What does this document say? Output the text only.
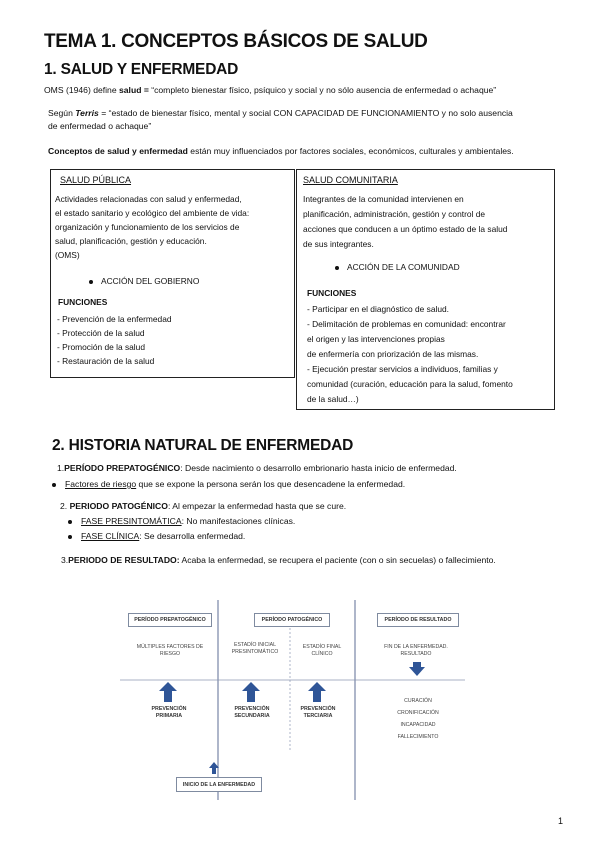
TEMA 1. CONCEPTOS BÁSICOS DE SALUD
1. SALUD Y ENFERMEDAD
OMS (1946) define salud = “completo bienestar físico, psíquico y social y no sólo ausencia de enfermedad o achaque”
Según Terris = “estado de bienestar físico, mental y social CON CAPACIDAD DE FUNCIONAMIENTO y no solo ausencia
de enfermedad o achaque”
Conceptos de salud y enfermedad están muy influenciados por factores sociales, económicos, culturales y ambientales.
SALUD PÚBLICA
Actividades relacionadas con salud y enfermedad,
el estado sanitario y ecológico del ambiente de vida:
organización y funcionamiento de los servicios de
salud, planificación, gestión y educación.
(OMS)
ACCIÓN DEL GOBIERNO
FUNCIONES
- Prevención de la enfermedad
- Protección de la salud
- Promoción de la salud
- Restauración de la salud
SALUD COMUNITARIA
Integrantes de la comunidad intervienen en
planificación, administración, gestión y control de
acciones que conducen a un óptimo estado de la salud
de sus integrantes.
ACCIÓN DE LA COMUNIDAD
FUNCIONES
- Participar en el diagnóstico de salud.
- Delimitación de problemas en comunidad: encontrar
el origen y las intervenciones propias
de enfermería con priorización de las mismas.
- Ejecución prestar servicios a individuos, familias y
comunidad (curación, educación para la salud, fomento
de la salud…)
2. HISTORIA NATURAL DE ENFERMEDAD
1.PERÍODO PREPATOGÉNICO: Desde nacimiento o desarrollo embrionario hasta inicio de enfermedad.
Factores de riesgo que se expone la persona serán los que desencadene la enfermedad.
2. PERIODO PATOGÉNICO: Al empezar la enfermedad hasta que se cure.
FASE PRESINTOMÁTICA: No manifestaciones clínicas.
FASE CLÍNICA: Se desarrolla enfermedad.
3.PERIODO DE RESULTADO: Acaba la enfermedad, se recupera el paciente (con o sin secuelas) o fallecimiento.
PERÍODO PREPATOGÉNICO	PERÍODO PATOGÉNICO	PERÍODO DE RESULTADO
MÚLTIPLES FACTORES DE
RIESGO
ESTADÍO INICIAL
PRESINTOMÁTICO
ESTADÍO FINAL
CLÍNICO
FIN DE LA ENFERMEDAD.
RESULTADO
PREVENCIÓN
PRIMARIA
PREVENCIÓN
SECUNDARIA
PREVENCIÓN
TERCIARIA
CURACIÓN
CRONIFICACIÓN
INCAPACIDAD
FALLECIMIENTO
INICIO DE LA ENFERMEDAD
1
